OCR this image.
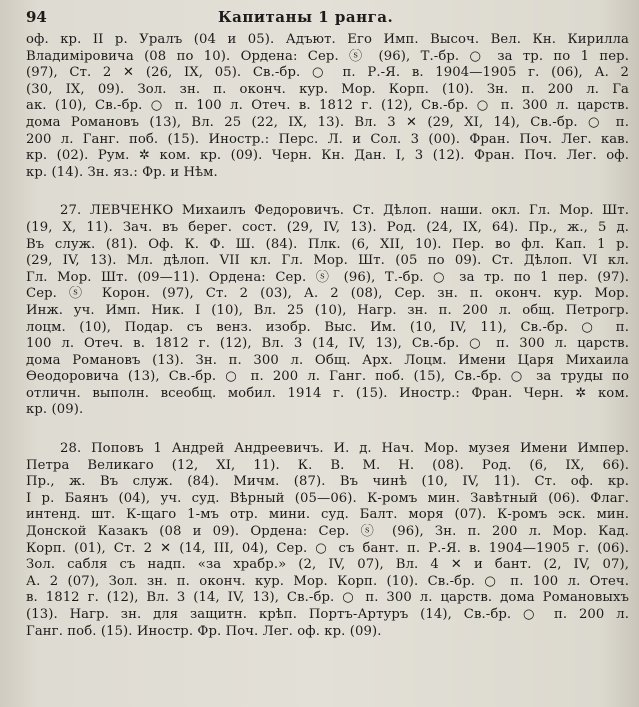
94	Капитаны 1 ранга.
оф. кр. II р. Уралъ (04 и 05). Адъют. Его Имп. Высоч. Вел. Кн. Кирилла
Владиміровича (08 по 10). Ордена: Сер. ⓢ (96), Т.-бр. ○ за тр. по 1 пер.
(97), Ст. 2 ✕ (26, IX, 05). Св.-бр. ○ п. Р.-Я. в. 1904—1905 г. (06), А. 2
(30, IX, 09). Зол. зн. п. оконч. кур. Мор. Корп. (10). Зн. п. 200 л. Га
ак. (10), Св.-бр. ○ п. 100 л. Отеч. в. 1812 г. (12), Св.-бр. ○ п. 300 л. царств.
дома Романовъ (13), Вл. 25 (22, IX, 13). Вл. 3 ✕ (29, XI, 14), Св.-бр. ○ п.
200 л. Ганг. поб. (15). Иностр.: Перс. Л. и Сол. 3 (00). Фран. Поч. Лег. кав.
кр. (02). Рум. ✲ ком. кр. (09). Черн. Кн. Дан. I, 3 (12). Фран. Поч. Лег. оф.
кр. (14). Зн. яз.: Фр. и Нѣм.
27. ЛЕВЧЕНКО Михаилъ Федоровичъ. Ст. Дѣлоп. наши. окл. Гл. Мор. Шт.
(19, X, 11). Зач. въ берег. сост. (29, IV, 13). Род. (24, IX, 64). Пр., ж., 5 д.
Въ служ. (81). Оф. К. Ф. Ш. (84). Плк. (6, XII, 10). Пер. во фл. Кап. 1 р.
(29, IV, 13). Мл. дѣлоп. VII кл. Гл. Мор. Шт. (05 по 09). Ст. Дѣлоп. VI кл.
Гл. Мор. Шт. (09—11). Ордена: Сер. ⓢ (96), Т.-бр. ○ за тр. по 1 пер. (97).
Сер. ⓢ Корон. (97), Ст. 2 (03), А. 2 (08), Сер. зн. п. оконч. кур. Мор.
Инж. уч. Имп. Ник. I (10), Вл. 25 (10), Нагр. зн. п. 200 л. общ. Петрогр.
лоцм. (10), Подар. съ венз. изобр. Выс. Им. (10, IV, 11), Св.-бр. ○ п.
100 л. Отеч. в. 1812 г. (12), Вл. 3 (14, IV, 13), Св.-бр. ○ п. 300 л. царств.
дома Романовъ (13). Зн. п. 300 л. Общ. Арх. Лоцм. Имени Царя Михаила
Ѳеодоровича (13), Св.-бр. ○ п. 200 л. Ганг. поб. (15), Св.-бр. ○ за труды по
отличн. выполн. всеобщ. мобил. 1914 г. (15). Иностр.: Фран. Черн. ✲ ком.
кр. (09).
28. Поповъ 1 Андрей Андреевичъ. И. д. Нач. Мор. музея Имени Импер.
Петра Великаго (12, XI, 11). К. В. М. Н. (08). Род. (6, IX, 66).
Пр., ж. Въ служ. (84). Мичм. (87). Въ чинѣ (10, IV, 11). Ст. оф. кр.
I р. Баянъ (04), уч. суд. Вѣрный (05—06). К-ромъ мин. Завѣтный (06). Флаг.
интенд. шт. К-щаго 1-мъ отр. мини. суд. Балт. моря (07). К-ромъ эск. мин.
Донской Казакъ (08 и 09). Ордена: Сер. ⓢ (96), Зн. п. 200 л. Мор. Кад.
Корп. (01), Ст. 2 ✕ (14, III, 04), Сер. ○ съ бант. п. Р.-Я. в. 1904—1905 г. (06).
Зол. сабля съ надп. «за храбр.» (2, IV, 07), Вл. 4 ✕ и бант. (2, IV, 07),
А. 2 (07), Зол. зн. п. оконч. кур. Мор. Корп. (10). Св.-бр. ○ п. 100 л. Отеч.
в. 1812 г. (12), Вл. 3 (14, IV, 13), Св.-бр. ○ п. 300 л. царств. дома Романовыхъ
(13). Нагр. зн. для защитн. крѣп. Портъ-Артуръ (14), Св.-бр. ○ п. 200 л.
Ганг. поб. (15). Иностр. Фр. Поч. Лег. оф. кр. (09).
